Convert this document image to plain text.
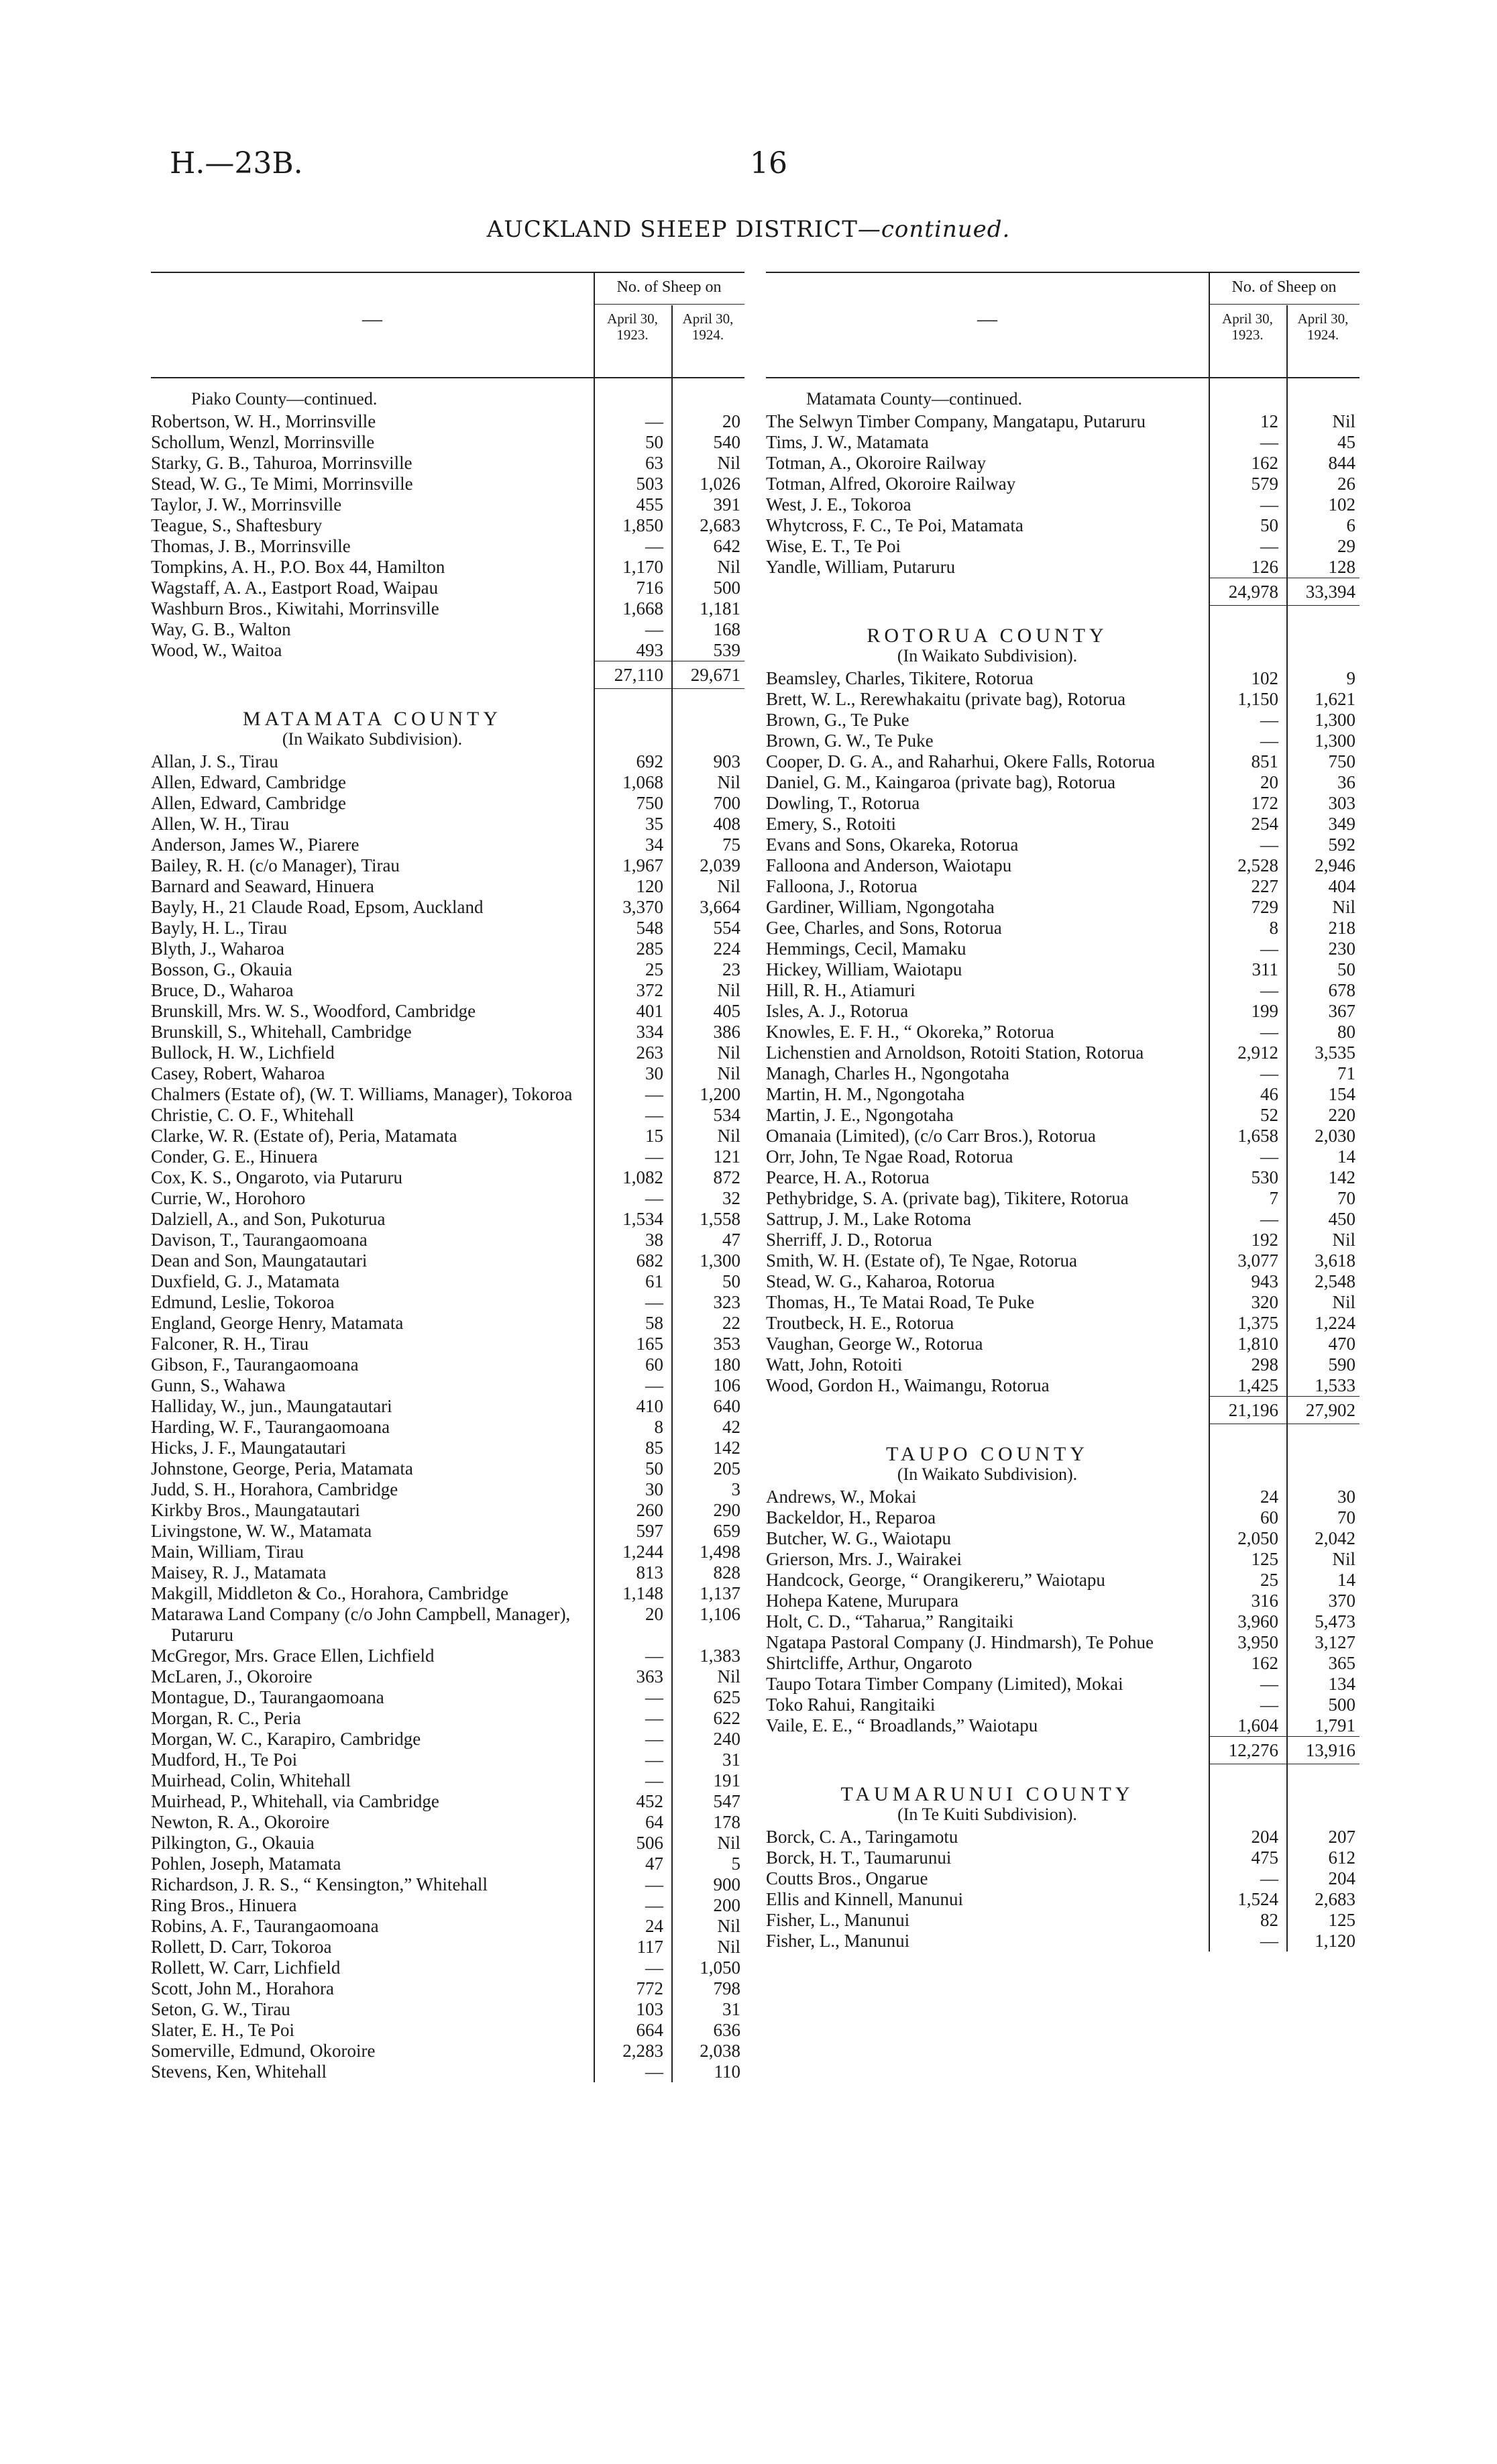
H.—23B.	16
AUCKLAND SHEEP DISTRICT—continued.
—
No. of Sheep on
April 30, 1923.
April 30, 1924.
Piako County—continued.
Robertson, W. H., Morrinsville	—	20
Schollum, Wenzl, Morrinsville	50	540
Starky, G. B., Tahuroa, Morrinsville	63	Nil
Stead, W. G., Te Mimi, Morrinsville	503	1,026
Taylor, J. W., Morrinsville	455	391
Teague, S., Shaftesbury	1,850	2,683
Thomas, J. B., Morrinsville	—	642
Tompkins, A. H., P.O. Box 44, Hamilton	1,170	Nil
Wagstaff, A. A., Eastport Road, Waipau	716	500
Washburn Bros., Kiwitahi, Morrinsville	1,668	1,181
Way, G. B., Walton	—	168
Wood, W., Waitoa	493	539
27,110	29,671
MATAMATA COUNTY
(In Waikato Subdivision).
Allan, J. S., Tirau	692	903
Allen, Edward, Cambridge	1,068	Nil
Allen, Edward, Cambridge	750	700
Allen, W. H., Tirau	35	408
Anderson, James W., Piarere	34	75
Bailey, R. H. (c/o Manager), Tirau	1,967	2,039
Barnard and Seaward, Hinuera	120	Nil
Bayly, H., 21 Claude Road, Epsom, Auckland	3,370	3,664
Bayly, H. L., Tirau	548	554
Blyth, J., Waharoa	285	224
Bosson, G., Okauia	25	23
Bruce, D., Waharoa	372	Nil
Brunskill, Mrs. W. S., Woodford, Cambridge	401	405
Brunskill, S., Whitehall, Cambridge	334	386
Bullock, H. W., Lichfield	263	Nil
Casey, Robert, Waharoa	30	Nil
Chalmers (Estate of), (W. T. Williams, Manager), Tokoroa	—	1,200
Christie, C. O. F., Whitehall	—	534
Clarke, W. R. (Estate of), Peria, Matamata	15	Nil
Conder, G. E., Hinuera	—	121
Cox, K. S., Ongaroto, via Putaruru	1,082	872
Currie, W., Horohoro	—	32
Dalziell, A., and Son, Pukoturua	1,534	1,558
Davison, T., Taurangaomoana	38	47
Dean and Son, Maungatautari	682	1,300
Duxfield, G. J., Matamata	61	50
Edmund, Leslie, Tokoroa	—	323
England, George Henry, Matamata	58	22
Falconer, R. H., Tirau	165	353
Gibson, F., Taurangaomoana	60	180
Gunn, S., Wahawa	—	106
Halliday, W., jun., Maungatautari	410	640
Harding, W. F., Taurangaomoana	8	42
Hicks, J. F., Maungatautari	85	142
Johnstone, George, Peria, Matamata	50	205
Judd, S. H., Horahora, Cambridge	30	3
Kirkby Bros., Maungatautari	260	290
Livingstone, W. W., Matamata	597	659
Main, William, Tirau	1,244	1,498
Maisey, R. J., Matamata	813	828
Makgill, Middleton & Co., Horahora, Cambridge	1,148	1,137
Matarawa Land Company (c/o John Campbell, Manager), Putaruru
20	1,106
McGregor, Mrs. Grace Ellen, Lichfield	—	1,383
McLaren, J., Okoroire	363	Nil
Montague, D., Taurangaomoana	—	625
Morgan, R. C., Peria	—	622
Morgan, W. C., Karapiro, Cambridge	—	240
Mudford, H., Te Poi	—	31
Muirhead, Colin, Whitehall	—	191
Muirhead, P., Whitehall, via Cambridge	452	547
Newton, R. A., Okoroire	64	178
Pilkington, G., Okauia	506	Nil
Pohlen, Joseph, Matamata	47	5
Richardson, J. R. S., “ Kensington,” Whitehall	—	900
Ring Bros., Hinuera	—	200
Robins, A. F., Taurangaomoana	24	Nil
Rollett, D. Carr, Tokoroa	117	Nil
Rollett, W. Carr, Lichfield	—	1,050
Scott, John M., Horahora	772	798
Seton, G. W., Tirau	103	31
Slater, E. H., Te Poi	664	636
Somerville, Edmund, Okoroire	2,283	2,038
Stevens, Ken, Whitehall	—	110
—
No. of Sheep on
April 30, 1923.
April 30, 1924.
Matamata County—continued.
The Selwyn Timber Company, Mangatapu, Putaruru	12	Nil
Tims, J. W., Matamata	—	45
Totman, A., Okoroire Railway	162	844
Totman, Alfred, Okoroire Railway	579	26
West, J. E., Tokoroa	—	102
Whytcross, F. C., Te Poi, Matamata	50	6
Wise, E. T., Te Poi	—	29
Yandle, William, Putaruru	126	128
24,978	33,394
ROTORUA COUNTY
(In Waikato Subdivision).
Beamsley, Charles, Tikitere, Rotorua	102	9
Brett, W. L., Rerewhakaitu (private bag), Rotorua	1,150	1,621
Brown, G., Te Puke	—	1,300
Brown, G. W., Te Puke	—	1,300
Cooper, D. G. A., and Raharhui, Okere Falls, Rotorua	851	750
Daniel, G. M., Kaingaroa (private bag), Rotorua	20	36
Dowling, T., Rotorua	172	303
Emery, S., Rotoiti	254	349
Evans and Sons, Okareka, Rotorua	—	592
Falloona and Anderson, Waiotapu	2,528	2,946
Falloona, J., Rotorua	227	404
Gardiner, William, Ngongotaha	729	Nil
Gee, Charles, and Sons, Rotorua	8	218
Hemmings, Cecil, Mamaku	—	230
Hickey, William, Waiotapu	311	50
Hill, R. H., Atiamuri	—	678
Isles, A. J., Rotorua	199	367
Knowles, E. F. H., “ Okoreka,” Rotorua	—	80
Lichenstien and Arnoldson, Rotoiti Station, Rotorua	2,912	3,535
Managh, Charles H., Ngongotaha	—	71
Martin, H. M., Ngongotaha	46	154
Martin, J. E., Ngongotaha	52	220
Omanaia (Limited), (c/o Carr Bros.), Rotorua	1,658	2,030
Orr, John, Te Ngae Road, Rotorua	—	14
Pearce, H. A., Rotorua	530	142
Pethybridge, S. A. (private bag), Tikitere, Rotorua	7	70
Sattrup, J. M., Lake Rotoma	—	450
Sherriff, J. D., Rotorua	192	Nil
Smith, W. H. (Estate of), Te Ngae, Rotorua	3,077	3,618
Stead, W. G., Kaharoa, Rotorua	943	2,548
Thomas, H., Te Matai Road, Te Puke	320	Nil
Troutbeck, H. E., Rotorua	1,375	1,224
Vaughan, George W., Rotorua	1,810	470
Watt, John, Rotoiti	298	590
Wood, Gordon H., Waimangu, Rotorua	1,425	1,533
21,196	27,902
TAUPO COUNTY
(In Waikato Subdivision).
Andrews, W., Mokai	24	30
Backeldor, H., Reparoa	60	70
Butcher, W. G., Waiotapu	2,050	2,042
Grierson, Mrs. J., Wairakei	125	Nil
Handcock, George, “ Orangikereru,” Waiotapu	25	14
Hohepa Katene, Murupara	316	370
Holt, C. D., “Taharua,” Rangitaiki	3,960	5,473
Ngatapa Pastoral Company (J. Hindmarsh), Te Pohue	3,950	3,127
Shirtcliffe, Arthur, Ongaroto	162	365
Taupo Totara Timber Company (Limited), Mokai	—	134
Toko Rahui, Rangitaiki	—	500
Vaile, E. E., “ Broadlands,” Waiotapu	1,604	1,791
12,276	13,916
TAUMARUNUI COUNTY
(In Te Kuiti Subdivision).
Borck, C. A., Taringamotu	204	207
Borck, H. T., Taumarunui	475	612
Coutts Bros., Ongarue	—	204
Ellis and Kinnell, Manunui	1,524	2,683
Fisher, L., Manunui	82	125
Fisher, L., Manunui	—	1,120
